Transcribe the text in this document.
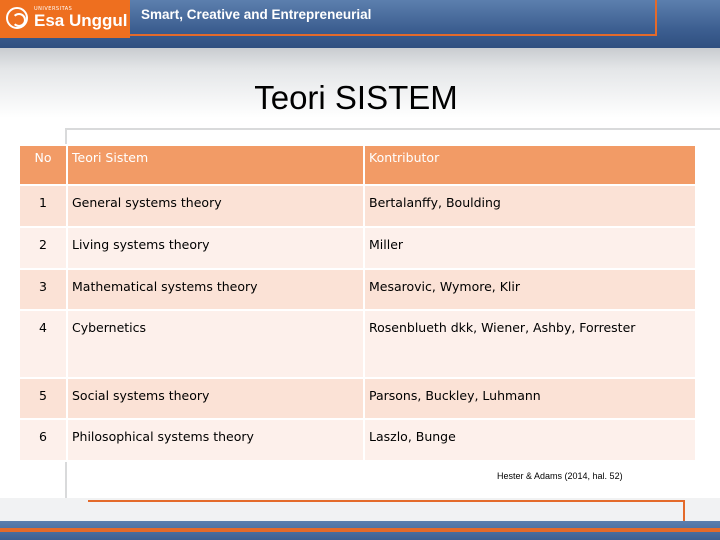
UNIVERSITAS
Esa Unggul Smart, Creative and Entrepreneurial
Teori SISTEM
No	Teori Sistem	Kontributor
1	General systems theory	Bertalanffy, Boulding
2	Living systems theory	Miller
3	Mathematical systems theory	Mesarovic, Wymore, Klir
4	Cybernetics	Rosenblueth dkk, Wiener, Ashby, Forrester
5	Social systems theory	Parsons, Buckley, Luhmann
6	Philosophical systems theory	Laszlo, Bunge
Hester & Adams (2014, hal. 52)
